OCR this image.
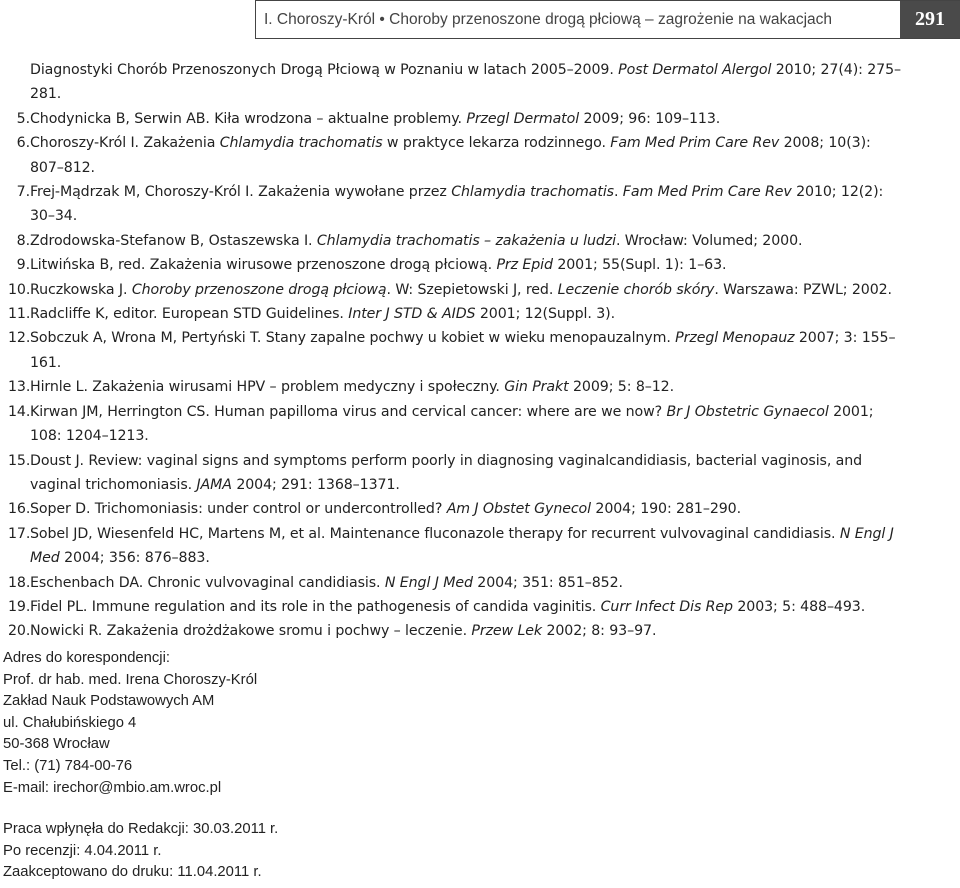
I. Choroszy-Król • Choroby przenoszone drogą płciową – zagrożenie na wakacjach	291
Diagnostyki Chorób Przenoszonych Drogą Płciową w Poznaniu w latach 2005–2009. Post Dermatol Alergol 2010; 27(4): 275–281.
5. Chodynicka B, Serwin AB. Kiła wrodzona – aktualne problemy. Przegl Dermatol 2009; 96: 109–113.
6. Choroszy-Król I. Zakażenia Chlamydia trachomatis w praktyce lekarza rodzinnego. Fam Med Prim Care Rev 2008; 10(3): 807–812.
7. Frej-Mądrzak M, Choroszy-Król I. Zakażenia wywołane przez Chlamydia trachomatis. Fam Med Prim Care Rev 2010; 12(2): 30–34.
8. Zdrodowska-Stefanow B, Ostaszewska I. Chlamydia trachomatis – zakażenia u ludzi. Wrocław: Volumed; 2000.
9. Litwińska B, red. Zakażenia wirusowe przenoszone drogą płciową. Prz Epid 2001; 55(Supl. 1): 1–63.
10. Ruczkowska J. Choroby przenoszone drogą płciową. W: Szepietowski J, red. Leczenie chorób skóry. Warszawa: PZWL; 2002.
11. Radcliffe K, editor. European STD Guidelines. Inter J STD & AIDS 2001; 12(Suppl. 3).
12. Sobczuk A, Wrona M, Pertyński T. Stany zapalne pochwy u kobiet w wieku menopauzalnym. Przegl Menopauz 2007; 3: 155–161.
13. Hirnle L. Zakażenia wirusami HPV – problem medyczny i społeczny. Gin Prakt 2009; 5: 8–12.
14. Kirwan JM, Herrington CS. Human papilloma virus and cervical cancer: where are we now? Br J Obstetric Gynaecol 2001; 108: 1204–1213.
15. Doust J. Review: vaginal signs and symptoms perform poorly in diagnosing vaginalcandidiasis, bacterial vaginosis, and vaginal trichomoniasis. JAMA 2004; 291: 1368–1371.
16. Soper D. Trichomoniasis: under control or undercontrolled? Am J Obstet Gynecol 2004; 190: 281–290.
17. Sobel JD, Wiesenfeld HC, Martens M, et al. Maintenance fluconazole therapy for recurrent vulvovaginal candidiasis. N Engl J Med 2004; 356: 876–883.
18. Eschenbach DA. Chronic vulvovaginal candidiasis. N Engl J Med 2004; 351: 851–852.
19. Fidel PL. Immune regulation and its role in the pathogenesis of candida vaginitis. Curr Infect Dis Rep 2003; 5: 488–493.
20. Nowicki R. Zakażenia drożdżakowe sromu i pochwy – leczenie. Przew Lek 2002; 8: 93–97.
Adres do korespondencji:
Prof. dr hab. med. Irena Choroszy-Król
Zakład Nauk Podstawowych AM
ul. Chałubińskiego 4
50-368 Wrocław
Tel.: (71) 784-00-76
E-mail: irechor@mbio.am.wroc.pl
Praca wpłynęła do Redakcji: 30.03.2011 r.
Po recenzji: 4.04.2011 r.
Zaakceptowano do druku: 11.04.2011 r.
